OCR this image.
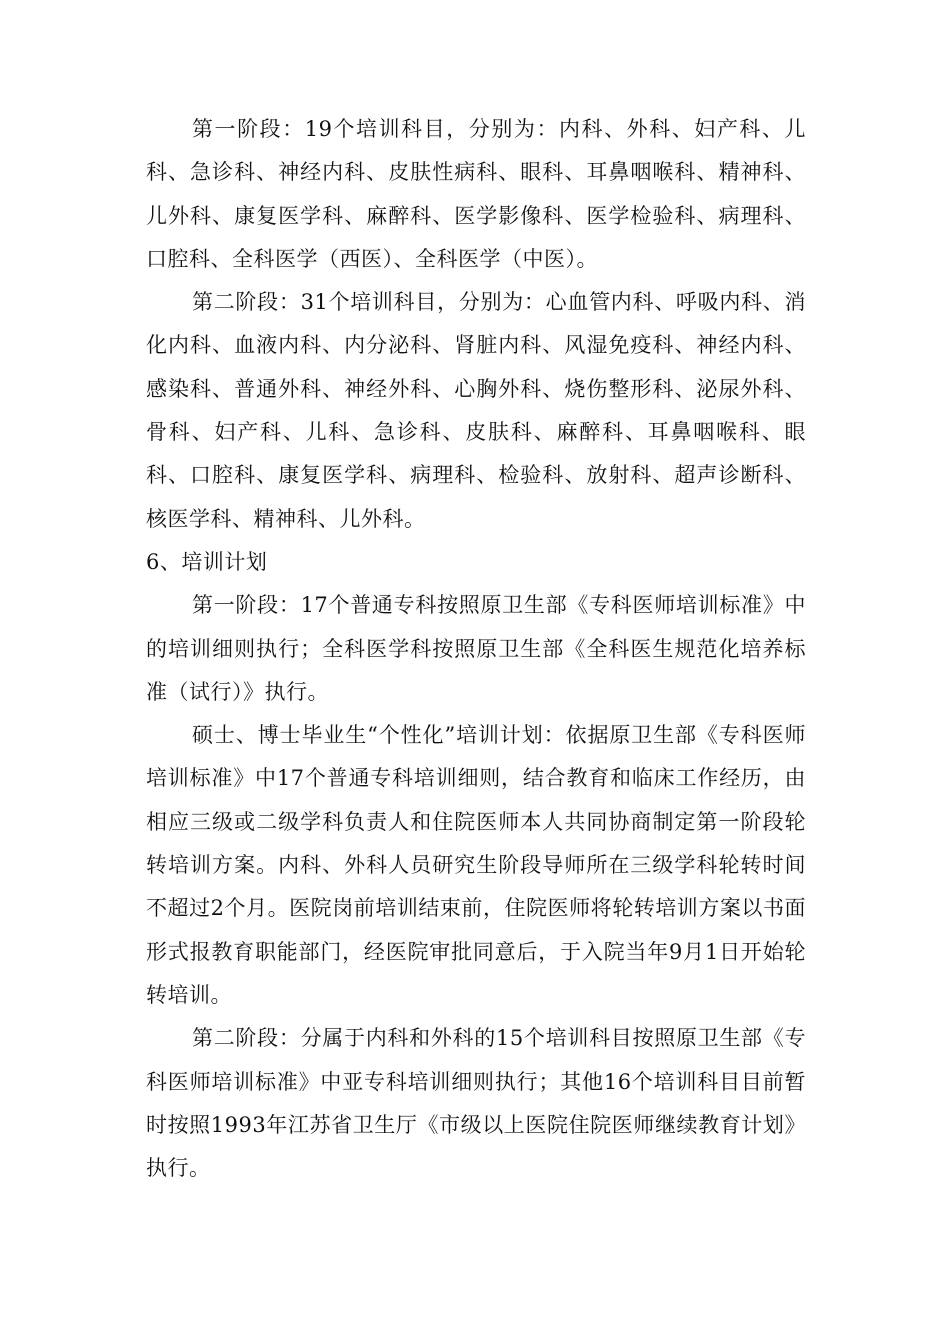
第一阶段：19个培训科目，分别为：内科、外科、妇产科、儿科、急诊科、神经内科、皮肤性病科、眼科、耳鼻咽喉科、精神科、儿外科、康复医学科、麻醉科、医学影像科、医学检验科、病理科、口腔科、全科医学（西医）、全科医学（中医）。

第二阶段：31个培训科目，分别为：心血管内科、呼吸内科、消化内科、血液内科、内分泌科、肾脏内科、风湿免疫科、神经内科、感染科、普通外科、神经外科、心胸外科、烧伤整形科、泌尿外科、骨科、妇产科、儿科、急诊科、皮肤科、麻醉科、耳鼻咽喉科、眼科、口腔科、康复医学科、病理科、检验科、放射科、超声诊断科、核医学科、精神科、儿外科。

6、培训计划

第一阶段：17个普通专科按照原卫生部《专科医师培训标准》中的培训细则执行；全科医学科按照原卫生部《全科医生规范化培养标准（试行）》执行。

硕士、博士毕业生“个性化”培训计划：依据原卫生部《专科医师培训标准》中17个普通专科培训细则，结合教育和临床工作经历，由相应三级或二级学科负责人和住院医师本人共同协商制定第一阶段轮转培训方案。内科、外科人员研究生阶段导师所在三级学科轮转时间不超过2个月。医院岗前培训结束前，住院医师将轮转培训方案以书面形式报教育职能部门，经医院审批同意后，于入院当年9月1日开始轮转培训。

第二阶段：分属于内科和外科的15个培训科目按照原卫生部《专科医师培训标准》中亚专科培训细则执行；其他16个培训科目目前暂时按照1993年江苏省卫生厅《市级以上医院住院医师继续教育计划》执行。
